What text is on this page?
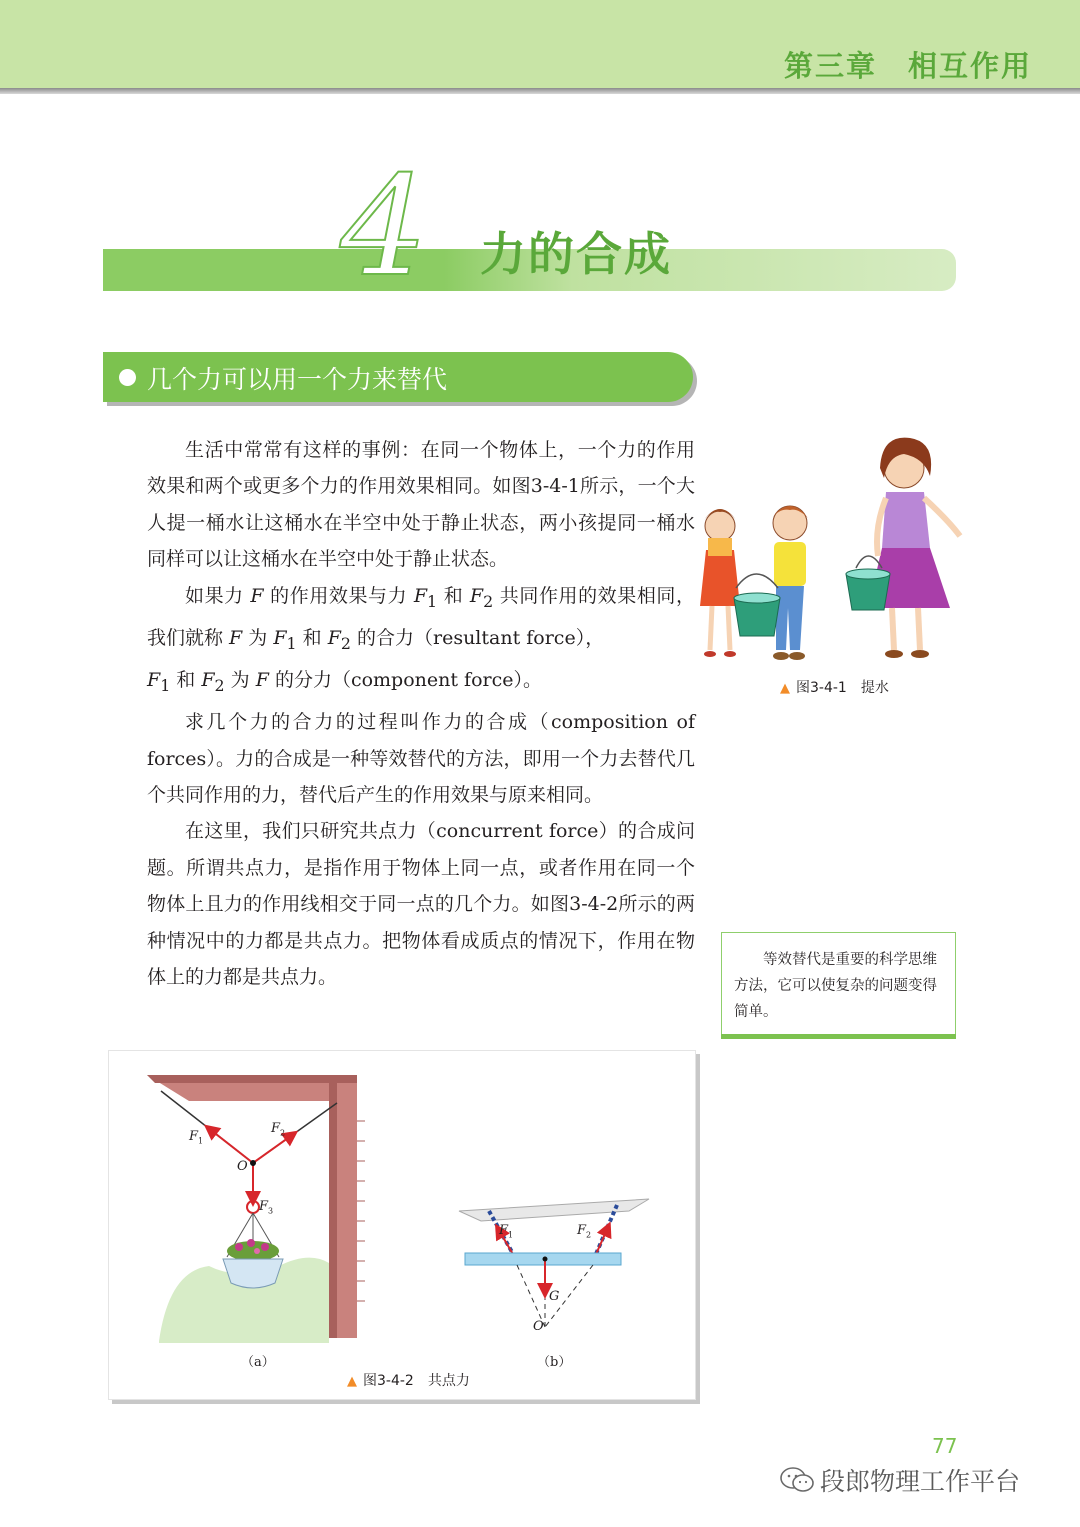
第三章　相互作用
4 力的合成
几个力可以用一个力来替代

生活中常常有这样的事例：在同一个物体上，一个力的作用效果和两个或更多个力的作用效果相同。如图3-4-1所示，一个大人提一桶水让这桶水在半空中处于静止状态，两小孩提同一桶水同样可以让这桶水在半空中处于静止状态。

如果力 F 的作用效果与力 $F_1$ 和 $F_2$ 共同作用的效果相同，我们就称 F 为 $F_1$ 和 $F_2$ 的合力（resultant force），
$F_1$ 和 $F_2$ 为 F 的分力（component force）。

求几个力的合力的过程叫作力的合成（composition of forces）。力的合成是一种等效替代的方法，即用一个力去替代几个共同作用的力，替代后产生的作用效果与原来相同。

在这里，我们只研究共点力（concurrent force）的合成问题。所谓共点力，是指作用于物体上同一点，或者作用在同一个物体上且力的作用线相交于同一点的几个力。如图3-4-2所示的两种情况中的力都是共点力。把物体看成质点的情况下，作用在物体上的力都是共点力。

▲ 图3-4-1　提水
等效替代是重要的科学思维方法，它可以使复杂的问题变得简单。
$F_1$
$F_2$
$F_3$
O
（a）
$F_1$	$F_2$
G
O
（b）
▲ 图3-4-2　共点力
77
段郎物理工作平台
